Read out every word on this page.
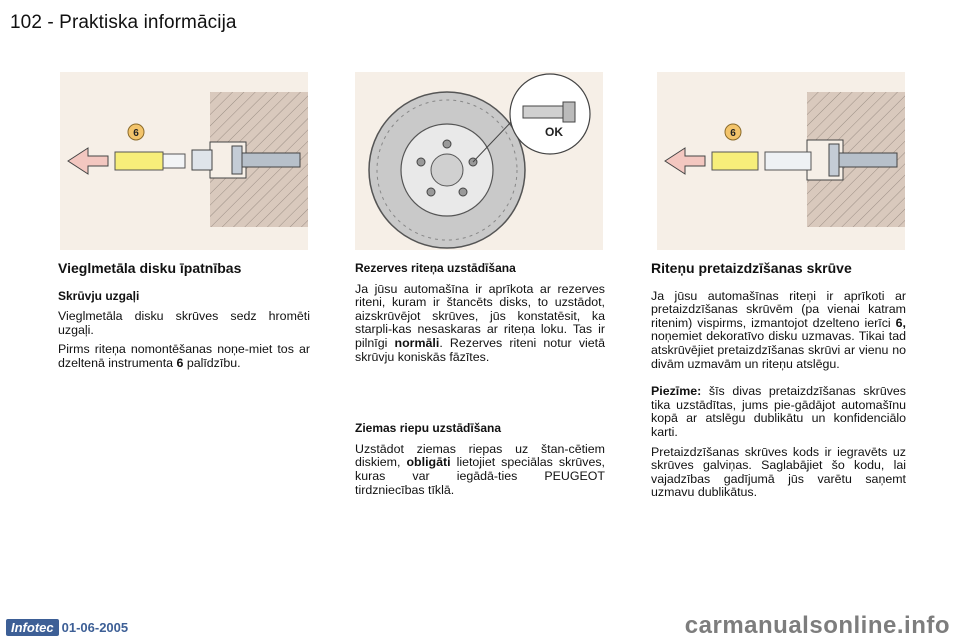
102 - Praktiska informācija
6	OK	6
Vieglmetāla disku īpatnības
Skrūvju uzgaļi

Vieglmetāla disku skrūves sedz hromēti uzgaļi.

Pirms riteņa nomontēšanas noņe-miet tos ar dzeltenā instrumenta 6 palīdzību.

Rezerves riteņa uzstādīšana

Ja jūsu automašīna ir aprīkota ar rezerves riteni, kuram ir štancēts disks, to uzstādot, aizskrūvējot skrūves, jūs konstatēsit, ka starpli-kas nesaskaras ar riteņa loku. Tas ir pilnīgi normāli. Rezerves riteni notur vietā skrūvju koniskās fāzītes.

Ziemas riepu uzstādīšana

Uzstādot ziemas riepas uz štan-cētiem diskiem, obligāti lietojiet speciālas skrūves, kuras var iegādā-ties PEUGEOT tirdzniecības tīklā.

Riteņu pretaizdzīšanas skrūve

Ja jūsu automašīnas riteņi ir aprīkoti ar pretaizdzīšanas skrūvēm (pa vienai katram ritenim) vispirms, izmantojot dzelteno ierīci 6, noņemiet dekoratīvo disku uzmavas. Tikai tad atskrūvējiet pretaizdzīšanas skrūvi ar vienu no divām uzmavām un riteņu atslēgu.

Piezīme: šīs divas pretaizdzīšanas skrūves tika uzstādītas, jums pie-gādājot automašīnu kopā ar atslēgu dublikātu un konfidenciālo karti.

Pretaizdzīšanas skrūves kods ir iegravēts uz skrūves galviņas. Saglabājiet šo kodu, lai vajadzības gadījumā jūs varētu saņemt uzmavu dublikātus.

Infotec 01-06-2005	carmanualsonline.info
